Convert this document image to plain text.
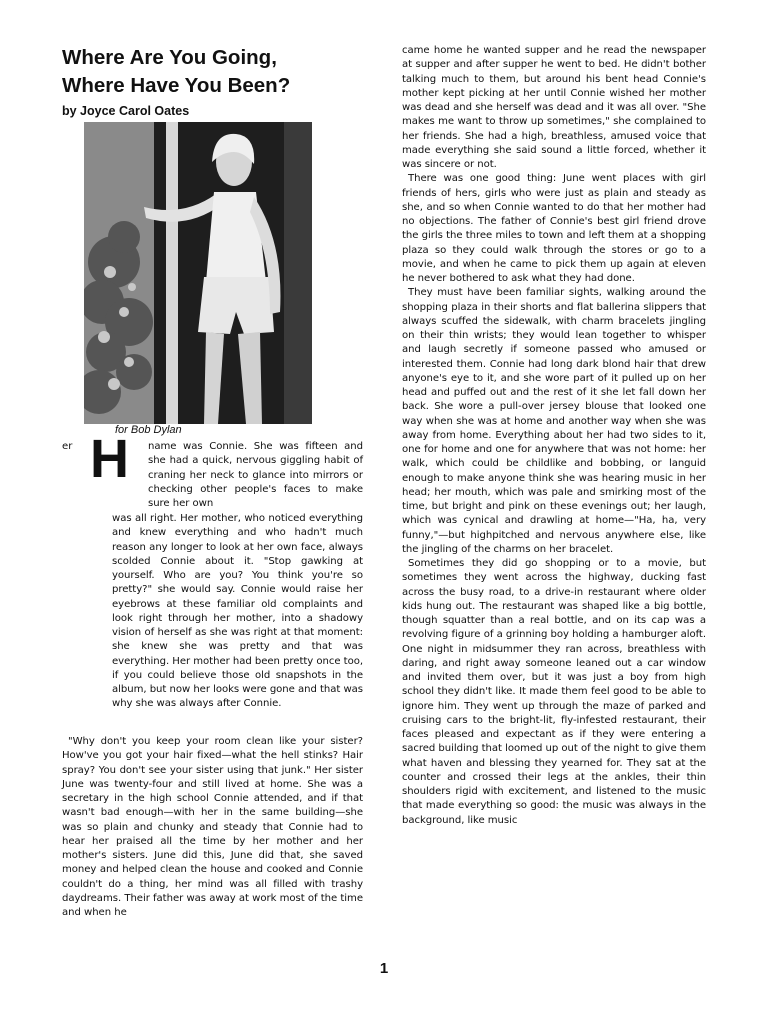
Where Are You Going,
Where Have You Been?
by Joyce Carol Oates
for Bob Dylan
er H name was Connie. She was fifteen and she had a quick, nervous giggling habit of craning her neck to glance into mirrors or checking other people's faces to make sure her own

was all right. Her mother, who noticed everything and knew everything and who hadn't much reason any longer to look at her own face, always scolded Connie about it. "Stop gawking at yourself. Who are you? You think you're so pretty?" she would say. Connie would raise her eyebrows at these familiar old complaints and look right through her mother, into a shadowy vision of herself as she was right at that moment: she knew she was pretty and that was everything. Her mother had been pretty once too, if you could believe those old snapshots in the album, but now her looks were gone and that was why she was always after Connie.

"Why don't you keep your room clean like your sister? How've you got your hair fixed—what the hell stinks? Hair spray? You don't see your sister using that junk." Her sister June was twenty-four and still lived at home. She was a secretary in the high school Connie attended, and if that wasn't bad enough—with her in the same building—she was so plain and chunky and steady that Connie had to hear her praised all the time by her mother and her mother's sisters. June did this, June did that, she saved money and helped clean the house and cooked and Connie couldn't do a thing, her mind was all filled with trashy daydreams. Their father was away at work most of the time and when he

came home he wanted supper and he read the newspaper at supper and after supper he went to bed. He didn't bother talking much to them, but around his bent head Connie's mother kept picking at her until Connie wished her mother was dead and she herself was dead and it was all over. "She makes me want to throw up sometimes," she complained to her friends. She had a high, breathless, amused voice that made everything she said sound a little forced, whether it was sincere or not.

There was one good thing: June went places with girl friends of hers, girls who were just as plain and steady as she, and so when Connie wanted to do that her mother had no objections. The father of Connie's best girl friend drove the girls the three miles to town and left them at a shopping plaza so they could walk through the stores or go to a movie, and when he came to pick them up again at eleven he never bothered to ask what they had done.

They must have been familiar sights, walking around the shopping plaza in their shorts and flat ballerina slippers that always scuffed the sidewalk, with charm bracelets jingling on their thin wrists; they would lean together to whisper and laugh secretly if someone passed who amused or interested them. Connie had long dark blond hair that drew anyone's eye to it, and she wore part of it pulled up on her head and puffed out and the rest of it she let fall down her back. She wore a pull-over jersey blouse that looked one way when she was at home and another way when she was away from home. Everything about her had two sides to it, one for home and one for anywhere that was not home: her walk, which could be childlike and bobbing, or languid enough to make anyone think she was hearing music in her head; her mouth, which was pale and smirking most of the time, but bright and pink on these evenings out; her laugh, which was cynical and drawling at home—"Ha, ha, very funny,"—but highpitched and nervous anywhere else, like the jingling of the charms on her bracelet.

Sometimes they did go shopping or to a movie, but sometimes they went across the highway, ducking fast across the busy road, to a drive-in restaurant where older kids hung out. The restaurant was shaped like a big bottle, though squatter than a real bottle, and on its cap was a revolving figure of a grinning boy holding a hamburger aloft. One night in midsummer they ran across, breathless with daring, and right away someone leaned out a car window and invited them over, but it was just a boy from high school they didn't like. It made them feel good to be able to ignore him. They went up through the maze of parked and cruising cars to the bright-lit, fly-infested restaurant, their faces pleased and expectant as if they were entering a sacred building that loomed up out of the night to give them what haven and blessing they yearned for. They sat at the counter and crossed their legs at the ankles, their thin shoulders rigid with excitement, and listened to the music that made everything so good: the music was always in the background, like music

1
